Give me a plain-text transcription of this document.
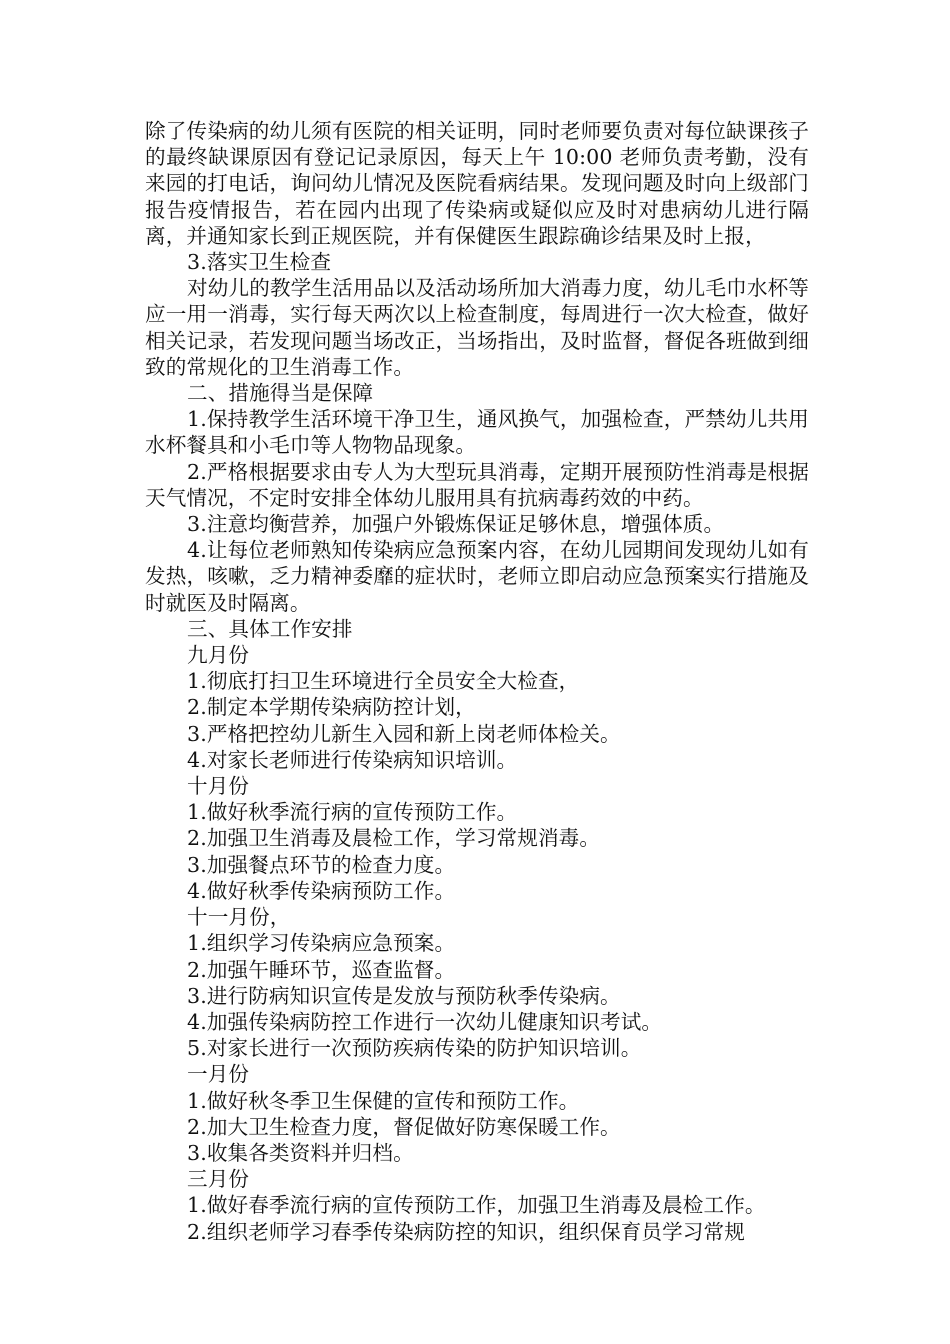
除了传染病的幼儿须有医院的相关证明，同时老师要负责对每位缺课孩子的最终缺课原因有登记记录原因，每天上午 10:00 老师负责考勤，没有来园的打电话，询问幼儿情况及医院看病结果。发现问题及时向上级部门报告疫情报告，若在园内出现了传染病或疑似应及时对患病幼儿进行隔离，并通知家长到正规医院，并有保健医生跟踪确诊结果及时上报，

3.落实卫生检查

对幼儿的教学生活用品以及活动场所加大消毒力度，幼儿毛巾水杯等应一用一消毒，实行每天两次以上检查制度，每周进行一次大检查，做好相关记录，若发现问题当场改正，当场指出，及时监督，督促各班做到细致的常规化的卫生消毒工作。

二、措施得当是保障

1.保持教学生活环境干净卫生，通风换气，加强检查，严禁幼儿共用水杯餐具和小毛巾等人物物品现象。

2.严格根据要求由专人为大型玩具消毒，定期开展预防性消毒是根据天气情况，不定时安排全体幼儿服用具有抗病毒药效的中药。

3.注意均衡营养，加强户外锻炼保证足够休息，增强体质。

4.让每位老师熟知传染病应急预案内容，在幼儿园期间发现幼儿如有发热，咳嗽，乏力精神委靡的症状时，老师立即启动应急预案实行措施及时就医及时隔离。

三、具体工作安排

九月份

1.彻底打扫卫生环境进行全员安全大检查，

2.制定本学期传染病防控计划，

3.严格把控幼儿新生入园和新上岗老师体检关。

4.对家长老师进行传染病知识培训。

十月份

1.做好秋季流行病的宣传预防工作。

2.加强卫生消毒及晨检工作，学习常规消毒。

3.加强餐点环节的检查力度。

4.做好秋季传染病预防工作。

十一月份，

1.组织学习传染病应急预案。

2.加强午睡环节，巡查监督。

3.进行防病知识宣传是发放与预防秋季传染病。

4.加强传染病防控工作进行一次幼儿健康知识考试。

5.对家长进行一次预防疾病传染的防护知识培训。

一月份

1.做好秋冬季卫生保健的宣传和预防工作。

2.加大卫生检查力度，督促做好防寒保暖工作。

3.收集各类资料并归档。

三月份

1.做好春季流行病的宣传预防工作，加强卫生消毒及晨检工作。

2.组织老师学习春季传染病防控的知识，组织保育员学习常规
